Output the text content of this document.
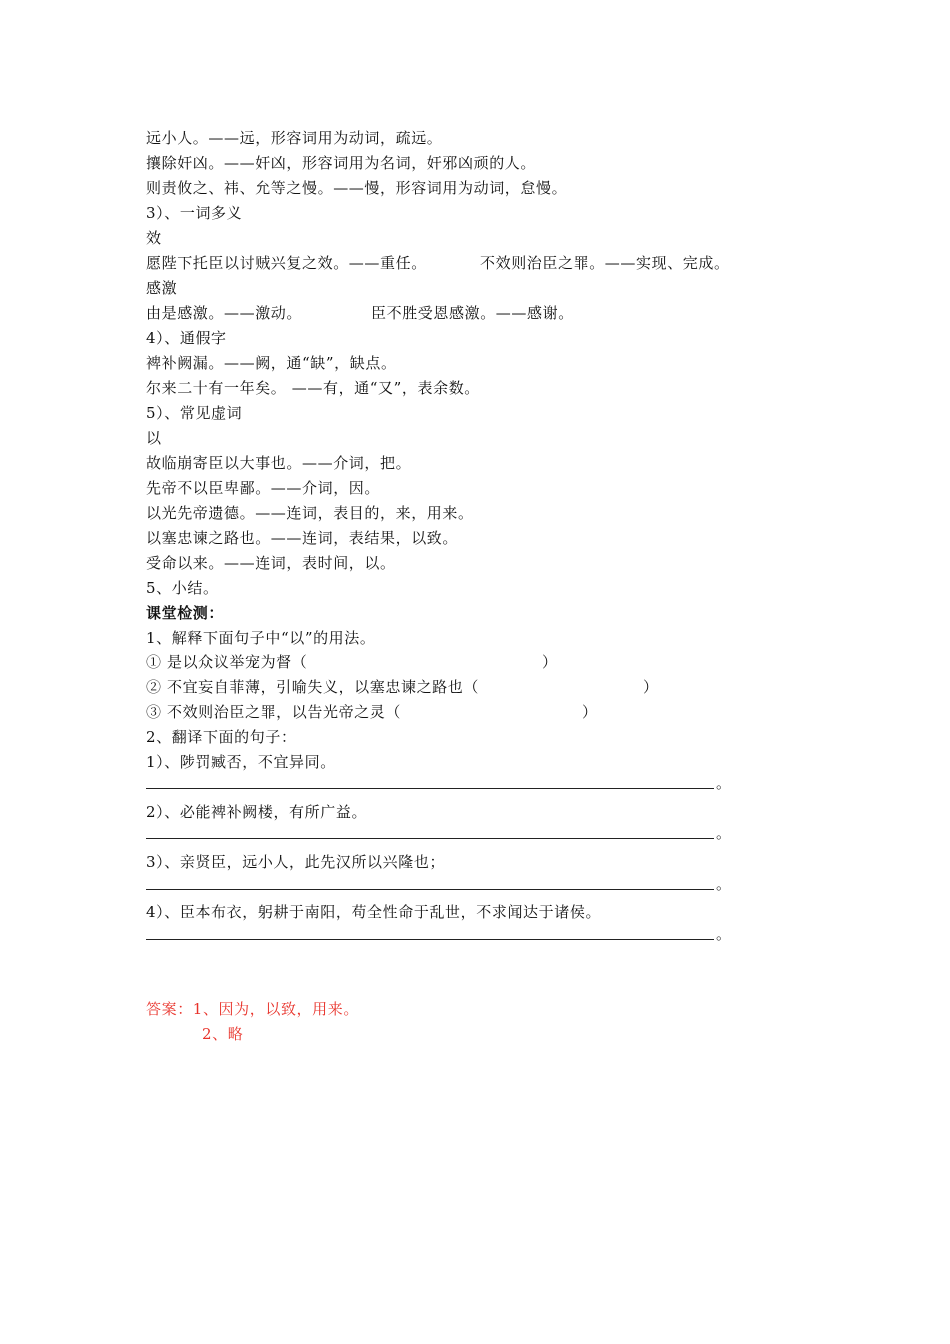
远小人。——远，形容词用为动词，疏远。
攘除奸凶。——奸凶，形容词用为名词，奸邪凶顽的人。
则责攸之、祎、允等之慢。——慢，形容词用为动词，怠慢。
3）、一词多义
效
愿陛下托臣以讨贼兴复之效。——重任。	不效则治臣之罪。——实现、完成。
感激
由是感激。——激动。	臣不胜受恩感激。——感谢。
4）、通假字
裨补阙漏。——阙，通“缺”，缺点。
尔来二十有一年矣。 ——有，通“又”，表余数。
5）、常见虚词
以
故临崩寄臣以大事也。——介词，把。
先帝不以臣卑鄙。——介词，因。
以光先帝遗德。——连词，表目的，来，用来。
以塞忠谏之路也。——连词，表结果，以致。
受命以来。——连词，表时间，以。
5、小结。
课堂检测：
1、解释下面句子中“以”的用法。
① 是以众议举宠为督（	）
② 不宜妄自菲薄，引喻失义，以塞忠谏之路也（	）
③ 不效则治臣之罪，以告光帝之灵（	）
2、翻译下面的句子：
1）、陟罚臧否，不宜异同。
。
2）、必能裨补阙楼，有所广益。
。
3）、亲贤臣，远小人，此先汉所以兴隆也；
。
4）、臣本布衣，躬耕于南阳，苟全性命于乱世，不求闻达于诸侯。
。
答案：1、因为，以致，用来。
2、略
